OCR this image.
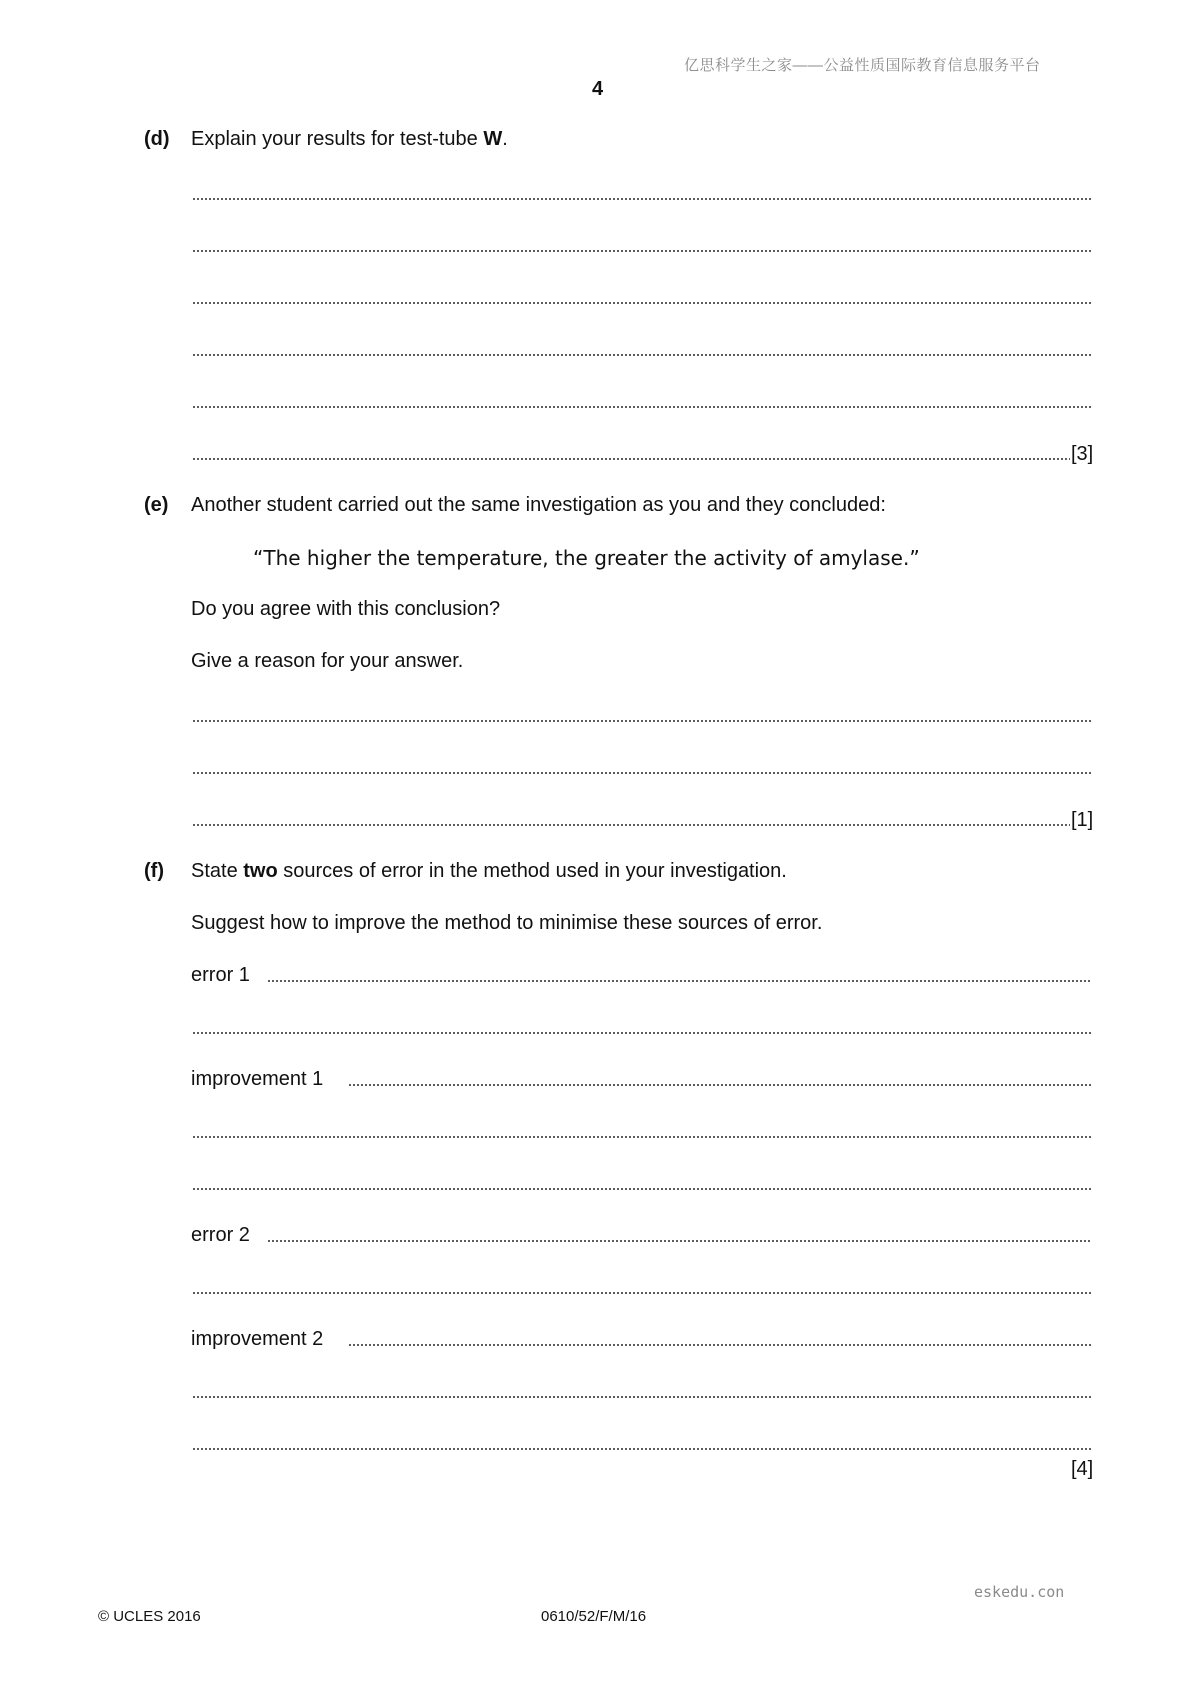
亿思科学生之家——公益性质国际教育信息服务平台
4
(d) Explain your results for test-tube W.
[3]
(e) Another student carried out the same investigation as you and they concluded:
“The higher the temperature, the greater the activity of amylase.”
Do you agree with this conclusion?
Give a reason for your answer.
[1]
(f) State two sources of error in the method used in your investigation.
Suggest how to improve the method to minimise these sources of error.
error 1
improvement 1
error 2
improvement 2
[4]
eskedu.con
© UCLES 2016	0610/52/F/M/16
